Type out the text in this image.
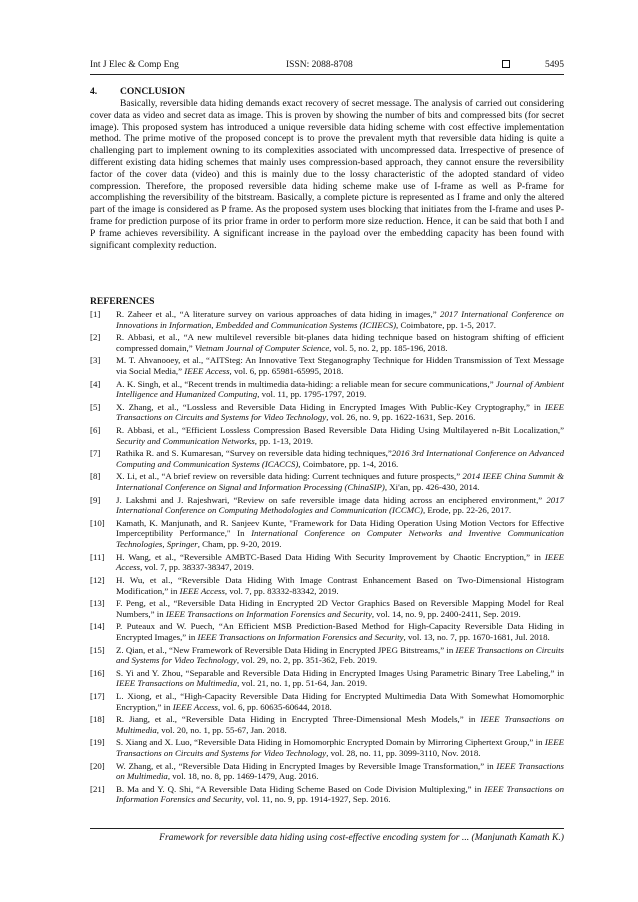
Int J Elec & Comp Eng	ISSN: 2088-8708	5495
4. CONCLUSION

Basically, reversible data hiding demands exact recovery of secret message. The analysis of carried out considering cover data as video and secret data as image. This is proven by showing the number of bits and compressed bits (for secret image). This proposed system has introduced a unique reversible data hiding scheme with cost effective implementation method. The prime motive of the proposed concept is to prove the prevalent myth that reversible data hiding is quite a challenging part to implement owning to its complexities associated with uncompressed data. Irrespective of presence of different existing data hiding schemes that mainly uses compression-based approach, they cannot ensure the reversibility factor of the cover data (video) and this is mainly due to the lossy characteristic of the adopted standard of video compression. Therefore, the proposed reversible data hiding scheme make use of I-frame as well as P-frame for accomplishing the reversibility of the bitstream. Basically, a complete picture is represented as I frame and only the altered part of the image is considered as P frame. As the proposed system uses blocking that initiates from the I-frame and uses P-frame for prediction purpose of its prior frame in order to perform more size reduction. Hence, it can be said that both I and P frame achieves reversibility. A significant increase in the payload over the embedding capacity has been found with significant complexity reduction.

REFERENCES
[1] R. Zaheer et al., “A literature survey on various approaches of data hiding in images,” 2017 International Conference on Innovations in Information, Embedded and Communication Systems (ICIIECS), Coimbatore, pp. 1-5, 2017.
[2] R. Abbasi, et al., “A new multilevel reversible bit-planes data hiding technique based on histogram shifting of efficient compressed domain,” Vietnam Journal of Computer Science, vol. 5, no. 2, pp. 185-196, 2018.
[3] M. T. Ahvanooey, et al., “AITSteg: An Innovative Text Steganography Technique for Hidden Transmission of Text Message via Social Media,” IEEE Access, vol. 6, pp. 65981-65995, 2018.
[4] A. K. Singh, et al., “Recent trends in multimedia data-hiding: a reliable mean for secure communications,” Journal of Ambient Intelligence and Humanized Computing, vol. 11, pp. 1795-1797, 2019.
[5] X. Zhang, et al., “Lossless and Reversible Data Hiding in Encrypted Images With Public-Key Cryptography,” in IEEE Transactions on Circuits and Systems for Video Technology, vol. 26, no. 9, pp. 1622-1631, Sep. 2016.
[6] R. Abbasi, et al., “Efficient Lossless Compression Based Reversible Data Hiding Using Multilayered n-Bit Localization,” Security and Communication Networks, pp. 1-13, 2019.
[7] Rathika R. and S. Kumaresan, “Survey on reversible data hiding techniques,”2016 3rd International Conference on Advanced Computing and Communication Systems (ICACCS), Coimbatore, pp. 1-4, 2016.
[8] X. Li, et al., “A brief review on reversible data hiding: Current techniques and future prospects,” 2014 IEEE China Summit & International Conference on Signal and Information Processing (ChinaSIP), Xi'an, pp. 426-430, 2014.
[9] J. Lakshmi and J. Rajeshwari, “Review on safe reversible image data hiding across an enciphered environment,” 2017 International Conference on Computing Methodologies and Communication (ICCMC), Erode, pp. 22-26, 2017.
[10] Kamath, K. Manjunath, and R. Sanjeev Kunte, "Framework for Data Hiding Operation Using Motion Vectors for Effective Imperceptibility Performance," In International Conference on Computer Networks and Inventive Communication Technologies, Springer, Cham, pp. 9-20, 2019.
[11] H. Wang, et al., “Reversible AMBTC-Based Data Hiding With Security Improvement by Chaotic Encryption,” in IEEE Access, vol. 7, pp. 38337-38347, 2019.
[12] H. Wu, et al., “Reversible Data Hiding With Image Contrast Enhancement Based on Two-Dimensional Histogram Modification,” in IEEE Access, vol. 7, pp. 83332-83342, 2019.
[13] F. Peng, et al., “Reversible Data Hiding in Encrypted 2D Vector Graphics Based on Reversible Mapping Model for Real Numbers,” in IEEE Transactions on Information Forensics and Security, vol. 14, no. 9, pp. 2400-2411, Sep. 2019.
[14] P. Puteaux and W. Puech, “An Efficient MSB Prediction-Based Method for High-Capacity Reversible Data Hiding in Encrypted Images,” in IEEE Transactions on Information Forensics and Security, vol. 13, no. 7, pp. 1670-1681, Jul. 2018.
[15] Z. Qian, et al., “New Framework of Reversible Data Hiding in Encrypted JPEG Bitstreams,” in IEEE Transactions on Circuits and Systems for Video Technology, vol. 29, no. 2, pp. 351-362, Feb. 2019.
[16] S. Yi and Y. Zhou, “Separable and Reversible Data Hiding in Encrypted Images Using Parametric Binary Tree Labeling,” in IEEE Transactions on Multimedia, vol. 21, no. 1, pp. 51-64, Jan. 2019.
[17] L. Xiong, et al., “High-Capacity Reversible Data Hiding for Encrypted Multimedia Data With Somewhat Homomorphic Encryption,” in IEEE Access, vol. 6, pp. 60635-60644, 2018.
[18] R. Jiang, et al., “Reversible Data Hiding in Encrypted Three-Dimensional Mesh Models,” in IEEE Transactions on Multimedia, vol. 20, no. 1, pp. 55-67, Jan. 2018.
[19] S. Xiang and X. Luo, “Reversible Data Hiding in Homomorphic Encrypted Domain by Mirroring Ciphertext Group,” in IEEE Transactions on Circuits and Systems for Video Technology, vol. 28, no. 11, pp. 3099-3110, Nov. 2018.
[20] W. Zhang, et al., “Reversible Data Hiding in Encrypted Images by Reversible Image Transformation,” in IEEE Transactions on Multimedia, vol. 18, no. 8, pp. 1469-1479, Aug. 2016.
[21] B. Ma and Y. Q. Shi, “A Reversible Data Hiding Scheme Based on Code Division Multiplexing,” in IEEE Transactions on Information Forensics and Security, vol. 11, no. 9, pp. 1914-1927, Sep. 2016.
Framework for reversible data hiding using cost-effective encoding system for ... (Manjunath Kamath K.)
